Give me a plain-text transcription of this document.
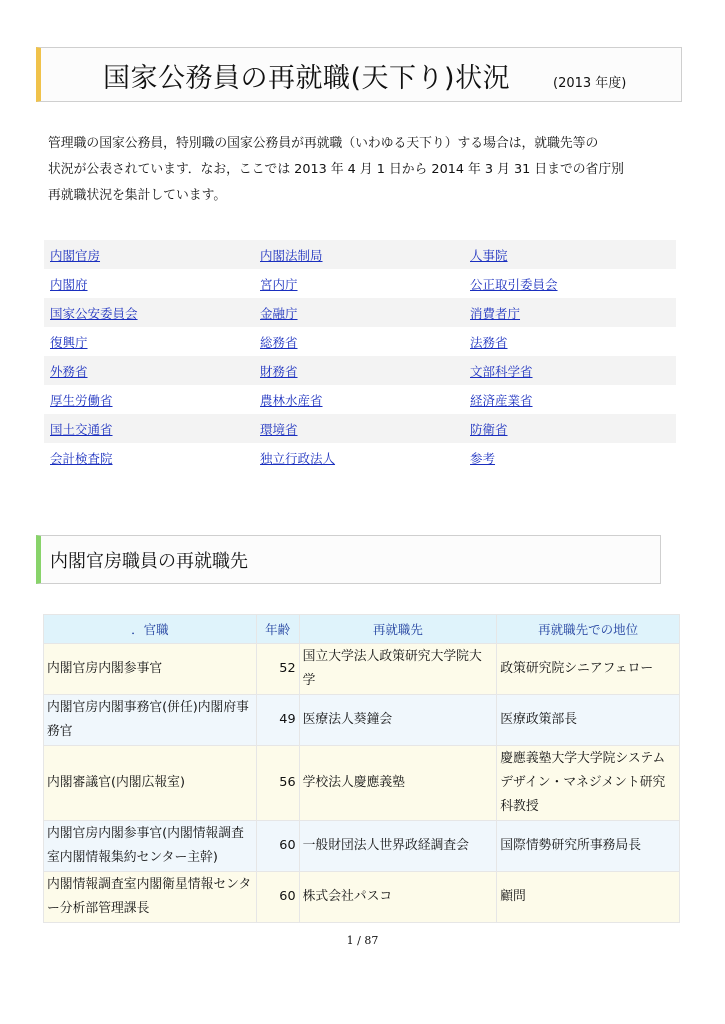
国家公務員の再就職(天下り)状況	(2013 年度)

管理職の国家公務員，特別職の国家公務員が再就職（いわゆる天下り）する場合は，就職先等の

状況が公表されています．なお，ここでは 2013 年 4 月 1 日から 2014 年 3 月 31 日までの省庁別

再就職状況を集計しています。

内閣官房	内閣法制局	人事院
内閣府	宮内庁	公正取引委員会
国家公安委員会	金融庁	消費者庁
復興庁	総務省	法務省
外務省	財務省	文部科学省
厚生労働省	農林水産省	経済産業省
国土交通省	環境省	防衛省
会計検査院	独立行政法人	参考
内閣官房職員の再就職先
．官職	年齢	再就職先	再就職先での地位
内閣官房内閣参事官	52	国立大学法人政策研究大学院大学	政策研究院シニアフェロー
内閣官房内閣事務官(併任)内閣府事務官	49	医療法人葵鐘会	医療政策部長
内閣審議官(内閣広報室)	56	学校法人慶應義塾	慶應義塾大学大学院システムデザイン・マネジメント研究科教授
内閣官房内閣参事官(内閣情報調査室内閣情報集約センター主幹)	60	一般財団法人世界政経調査会	国際情勢研究所事務局長
内閣情報調査室内閣衛星情報センター分析部管理課長	60	株式会社パスコ	顧問
1 / 87
